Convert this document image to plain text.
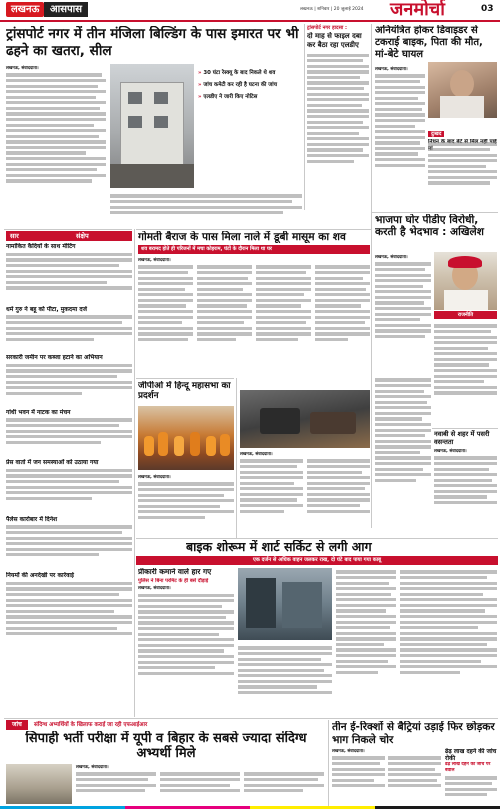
लखनऊ	आसपास	लखनऊ | शनिवार | 20 जुलाई 2024 जनमोर्चा	03
ट्रांसपोर्ट नगर में तीन मंजिला बिल्डिंग के पास इमारत पर भी ढहने का खतरा, सील
लखनऊ, संवाददाता।
» 30 घंटा रेस्क्यू के बाद निकले थे शव
» जांच कमेटी कर रही है घटना की जांच
» एलडीए ने जारी किए नोटिस
ट्रांसपोर्ट नगर हादसा :
दो माह से फाइल दबा कर बैठा रहा एलडीए
अनियंत्रित होकर डिवाइडर से टकराई बाइक, पिता की मौत, मां-बेटे घायल
लखनऊ, संवाददाता।
दुःखद
सार	संक्षेप
नामांकित कैदियों के साथ मीटिंग
धर्म गुरु ने बहू को पीटा, मुकदमा दर्ज
सरकारी जमीन पर कब्जा हटाने का अभियान
गांधी भवन में नाटक का मंचन
प्रेस वार्ता में जन समस्याओं को उठाया गया
पैलेस कारोबार में दिनेश
नियमों की अनदेखी पर कार्रवाई
गोमती बैराज के पास मिला नाले में डूबी मासूम का शव
शव बरामद होते ही परिजनों में मचा कोहराम, घंटों के दौरान मिला था घर
लखनऊ, संवाददाता।
जीपीओ में हिन्दू महासभा का प्रदर्शन
लखनऊ, संवाददाता।
लखनऊ, संवाददाता।
भाजपा घोर पीडीए विरोधी, करती है भेदभाव : अखिलेश
लखनऊ, संवाददाता।
राजनीति
नवाबी से शहर में पसरी वसन्तता
लखनऊ, संवाददाता।
बाइक शोरूम में शार्ट सर्किट से लगी आग
एक दर्जन से अधिक वाहन जलकर राख, दो घंटे बाद पाया गया काबू
प्रीकारी कमाने वाले हार गए
पुलिस ने बिना परमिट के ही बसें दौड़ाई
लखनऊ, संवाददाता।
जांच	संदिग्ध अभ्यर्थियों के खिलाफ कराई जा रही एफआईआर
सिपाही भर्ती परीक्षा में यूपी व बिहार के सबसे ज्यादा संदिग्ध अभ्यर्थी मिले
लखनऊ, संवाददाता।
तीन ई-रिक्शों से बैट्रियां उड़ाई फिर छोड़कर भाग निकले चोर
लखनऊ, संवाददाता।	ढेढ़ लाख दहने की जांच रोकी
ढेढ़ लाख दहने की जांच पर बवाल
